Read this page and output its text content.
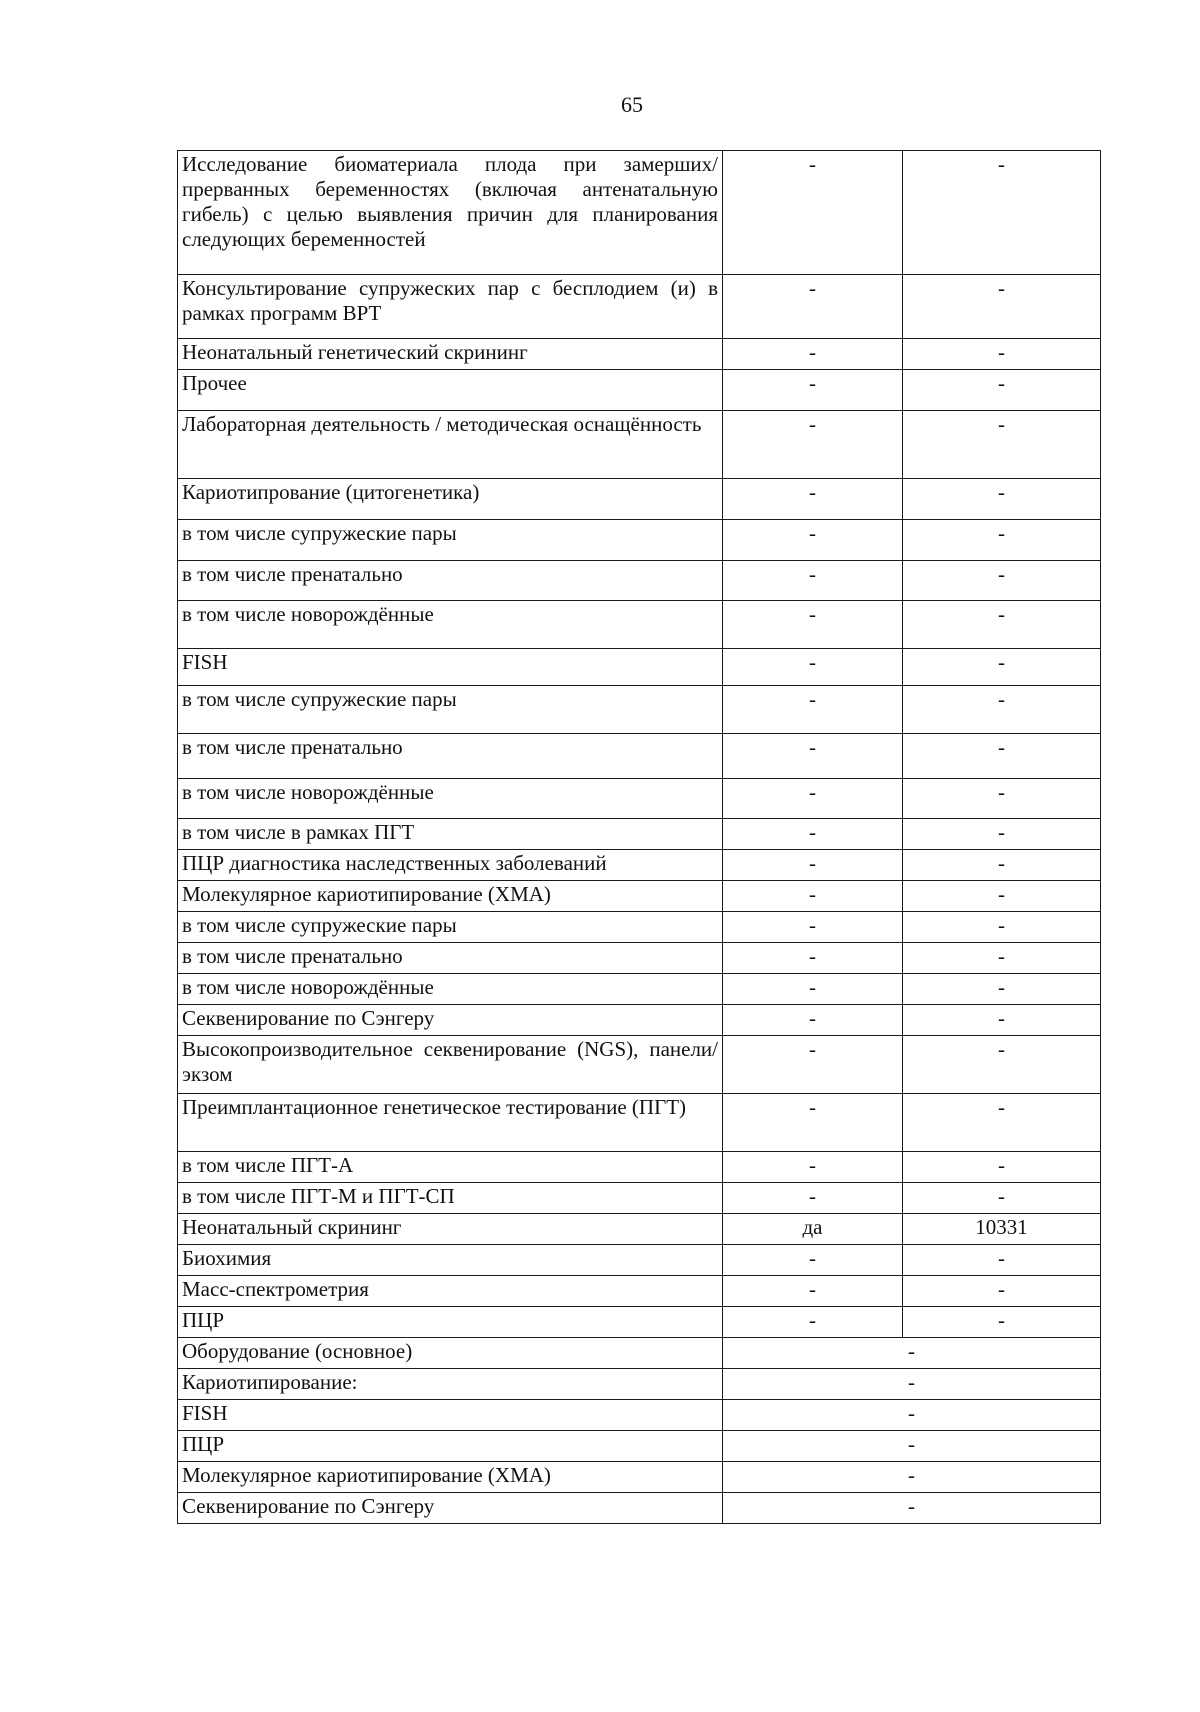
65
Исследование биоматериала плода при замерших/прерванных беременностях (включая антенатальную гибель) с целью выявления причин для планирования следующих беременностей	-	-
Консультирование супружеских пар с бесплодием (и) в рамках программ ВРТ	-	-
Неонатальный генетический скрининг	-	-
Прочее	-	-
Лабораторная деятельность / методическая оснащённость	-	-
Кариотипрование (цитогенетика)	-	-
в том числе супружеские пары	-	-
в том числе пренатально	-	-
в том числе новорождённые	-	-
FISH	-	-
в том числе супружеские пары	-	-
в том числе пренатально	-	-
в том числе новорождённые	-	-
в том числе в рамках ПГТ	-	-
ПЦР диагностика наследственных заболеваний	-	-
Молекулярное кариотипирование (ХМА)	-	-
в том числе супружеские пары	-	-
в том числе пренатально	-	-
в том числе новорождённые	-	-
Секвенирование по Сэнгеру	-	-
Высокопроизводительное секвенирование (NGS), панели/экзом	-	-
Преимплантационное генетическое тестирование (ПГТ)	-	-
в том числе ПГТ-А	-	-
в том числе ПГТ-М и ПГТ-СП	-	-
Неонатальный скрининг	да	10331
Биохимия	-	-
Масс-спектрометрия	-	-
ПЦР	-	-
Оборудование (основное)	-	
Кариотипирование:	-	
FISH	-	
ПЦР	-	
Молекулярное кариотипирование (ХМА)	-	
Секвенирование по Сэнгеру	-	
